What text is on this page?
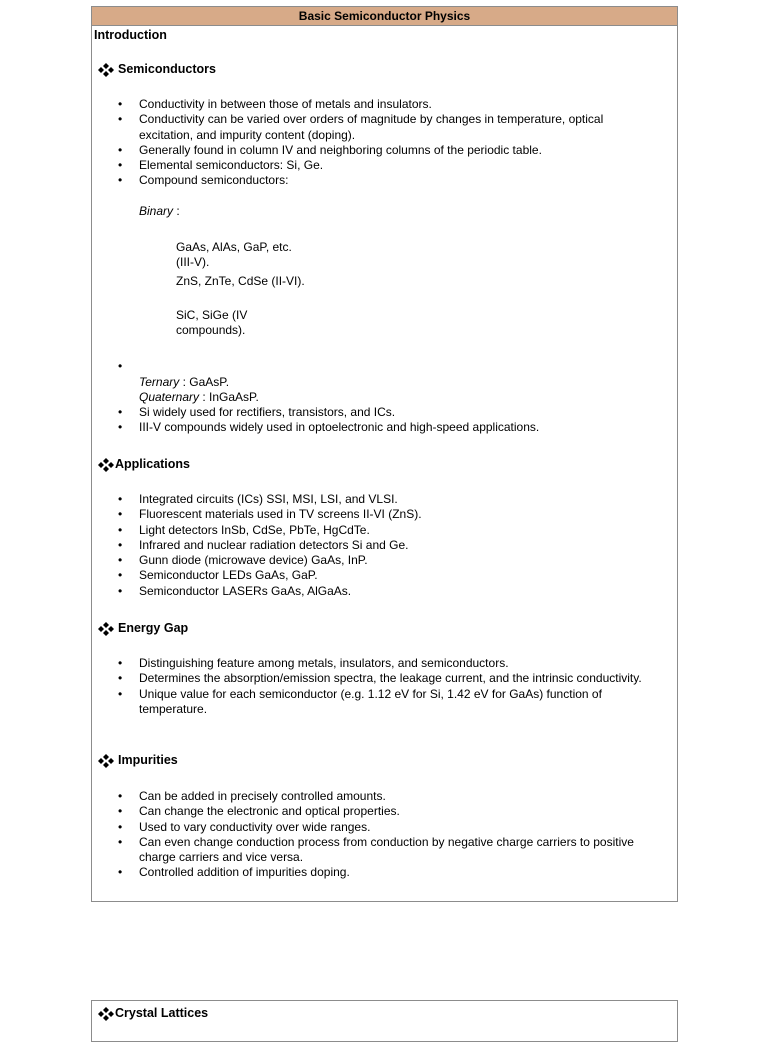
Basic Semiconductor Physics
Introduction
Semiconductors
• Conductivity in between those of metals and insulators.
• Conductivity can be varied over orders of magnitude by changes in temperature, optical excitation, and impurity content (doping).
• Generally found in column IV and neighboring columns of the periodic table.
• Elemental semiconductors: Si, Ge.
• Compound semiconductors:
Binary :
GaAs, AlAs, GaP, etc. (III-V).
ZnS, ZnTe, CdSe (II-VI).
SiC, SiGe (IV compounds).
•
Ternary : GaAsP.
Quaternary : InGaAsP.
• Si widely used for rectifiers, transistors, and ICs.
• III-V compounds widely used in optoelectronic and high-speed applications.
Applications
• Integrated circuits (ICs) SSI, MSI, LSI, and VLSI.
• Fluorescent materials used in TV screens II-VI (ZnS).
• Light detectors InSb, CdSe, PbTe, HgCdTe.
• Infrared and nuclear radiation detectors Si and Ge.
• Gunn diode (microwave device) GaAs, InP.
• Semiconductor LEDs GaAs, GaP.
• Semiconductor LASERs GaAs, AlGaAs.
Energy Gap
• Distinguishing feature among metals, insulators, and semiconductors.
• Determines the absorption/emission spectra, the leakage current, and the intrinsic conductivity.
• Unique value for each semiconductor (e.g. 1.12 eV for Si, 1.42 eV for GaAs) function of temperature.
Impurities
• Can be added in precisely controlled amounts.
• Can change the electronic and optical properties.
• Used to vary conductivity over wide ranges.
• Can even change conduction process from conduction by negative charge carriers to positive charge carriers and vice versa.
• Controlled addition of impurities doping.
Crystal Lattices
